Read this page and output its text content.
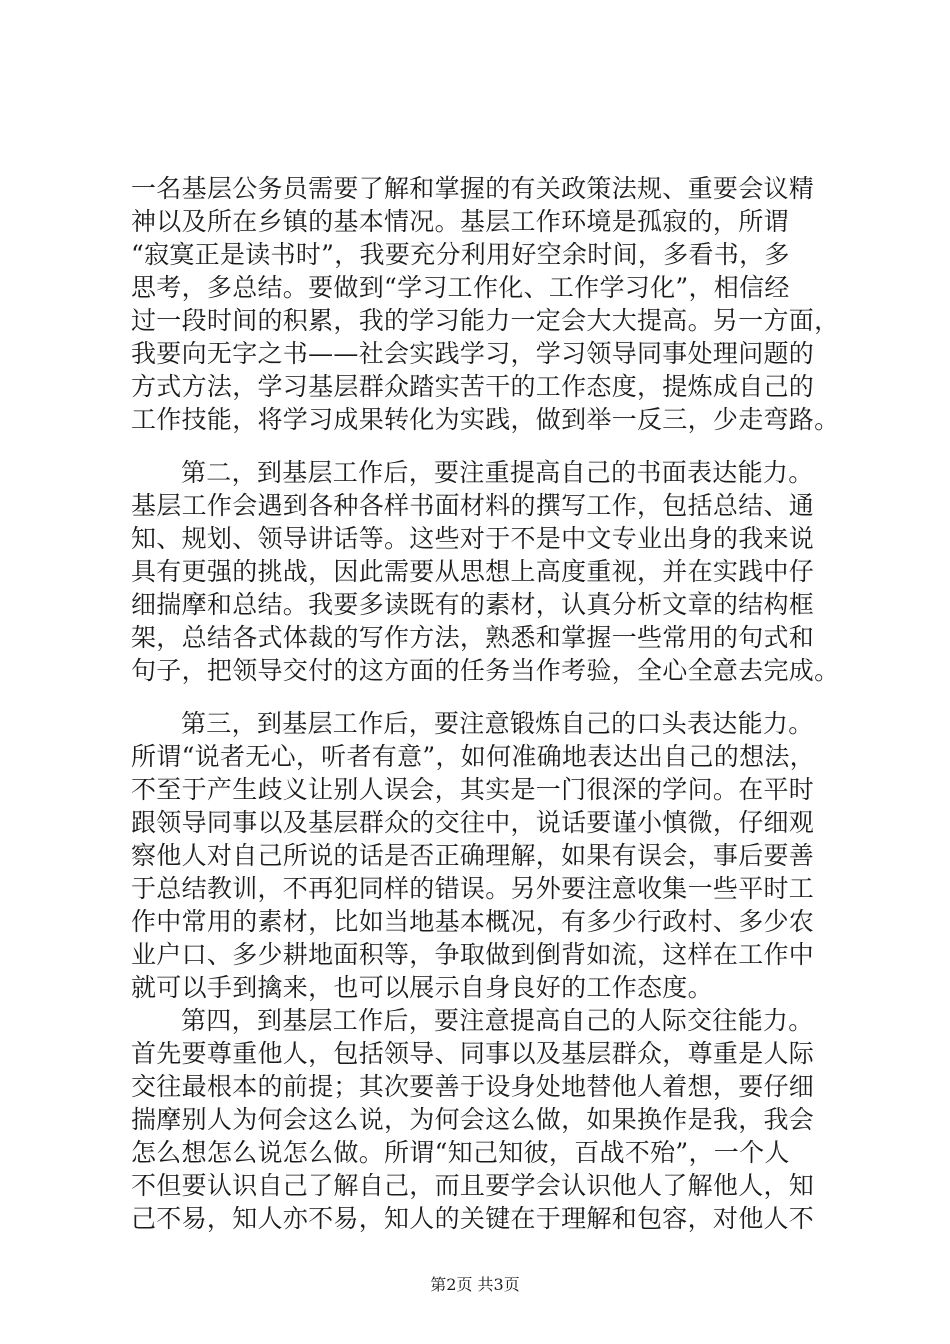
一名基层公务员需要了解和掌握的有关政策法规、重要会议精
神以及所在乡镇的基本情况。基层工作环境是孤寂的，所谓
“寂寞正是读书时”，我要充分利用好空余时间，多看书，多
思考，多总结。要做到“学习工作化、工作学习化”，相信经
过一段时间的积累，我的学习能力一定会大大提高。另一方面，
我要向无字之书——社会实践学习，学习领导同事处理问题的
方式方法，学习基层群众踏实苦干的工作态度，提炼成自己的
工作技能，将学习成果转化为实践，做到举一反三，少走弯路。
第二，到基层工作后，要注重提高自己的书面表达能力。
基层工作会遇到各种各样书面材料的撰写工作，包括总结、通
知、规划、领导讲话等。这些对于不是中文专业出身的我来说
具有更强的挑战，因此需要从思想上高度重视，并在实践中仔
细揣摩和总结。我要多读既有的素材，认真分析文章的结构框
架，总结各式体裁的写作方法，熟悉和掌握一些常用的句式和
句子，把领导交付的这方面的任务当作考验，全心全意去完成。
第三，到基层工作后，要注意锻炼自己的口头表达能力。
所谓“说者无心，听者有意”，如何准确地表达出自己的想法，
不至于产生歧义让别人误会，其实是一门很深的学问。在平时
跟领导同事以及基层群众的交往中，说话要谨小慎微，仔细观
察他人对自己所说的话是否正确理解，如果有误会，事后要善
于总结教训，不再犯同样的错误。另外要注意收集一些平时工
作中常用的素材，比如当地基本概况，有多少行政村、多少农
业户口、多少耕地面积等，争取做到倒背如流，这样在工作中
就可以手到擒来，也可以展示自身良好的工作态度。
第四，到基层工作后，要注意提高自己的人际交往能力。
首先要尊重他人，包括领导、同事以及基层群众，尊重是人际
交往最根本的前提；其次要善于设身处地替他人着想，要仔细
揣摩别人为何会这么说，为何会这么做，如果换作是我，我会
怎么想怎么说怎么做。所谓“知己知彼，百战不殆”，一个人
不但要认识自己了解自己，而且要学会认识他人了解他人，知
己不易，知人亦不易，知人的关键在于理解和包容，对他人不
第2页 共3页
